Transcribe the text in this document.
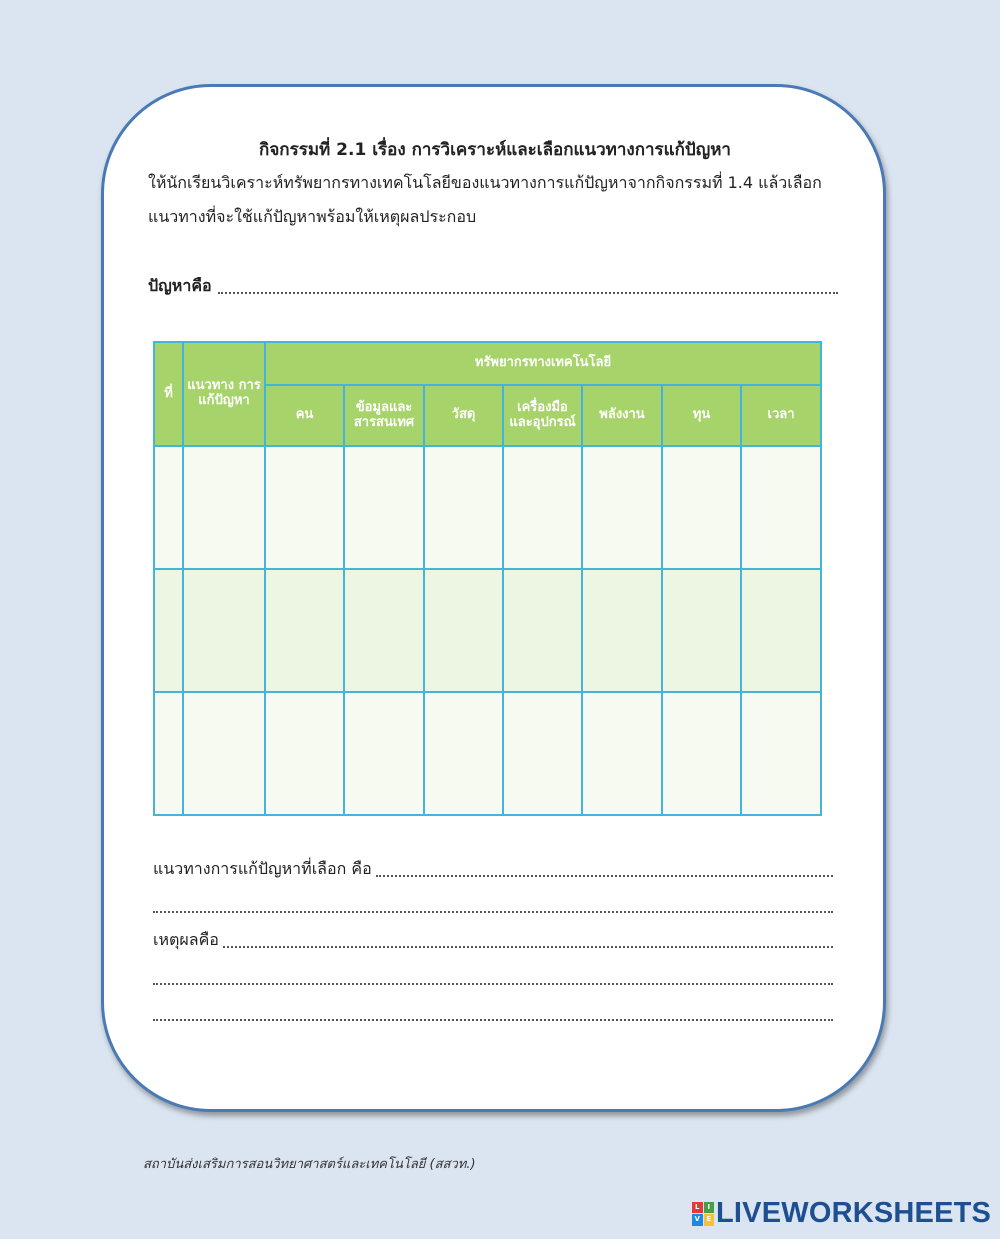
กิจกรรมที่ 2.1 เรื่อง การวิเคราะห์และเลือกแนวทางการแก้ปัญหา
ให้นักเรียนวิเคราะห์ทรัพยากรทางเทคโนโลยีของแนวทางการแก้ปัญหาจากกิจกรรมที่ 1.4 แล้วเลือก
แนวทางที่จะใช้แก้ปัญหาพร้อมให้เหตุผลประกอบ
ปัญหาคือ
ที่	แนวทาง การ แก้ปัญหา	ทรัพยากรทางเทคโนโลยี						
		คน	ข้อมูลและ สารสนเทศ	วัสดุ	เครื่องมือ และอุปกรณ์	พลังงาน	ทุน	เวลา

แนวทางการแก้ปัญหาที่เลือก คือ
เหตุผลคือ
สถาบันส่งเสริมการสอนวิทยาศาสตร์และเทคโนโลยี (สสวท.)
L	I
V E LIVEWORKSHEETS
